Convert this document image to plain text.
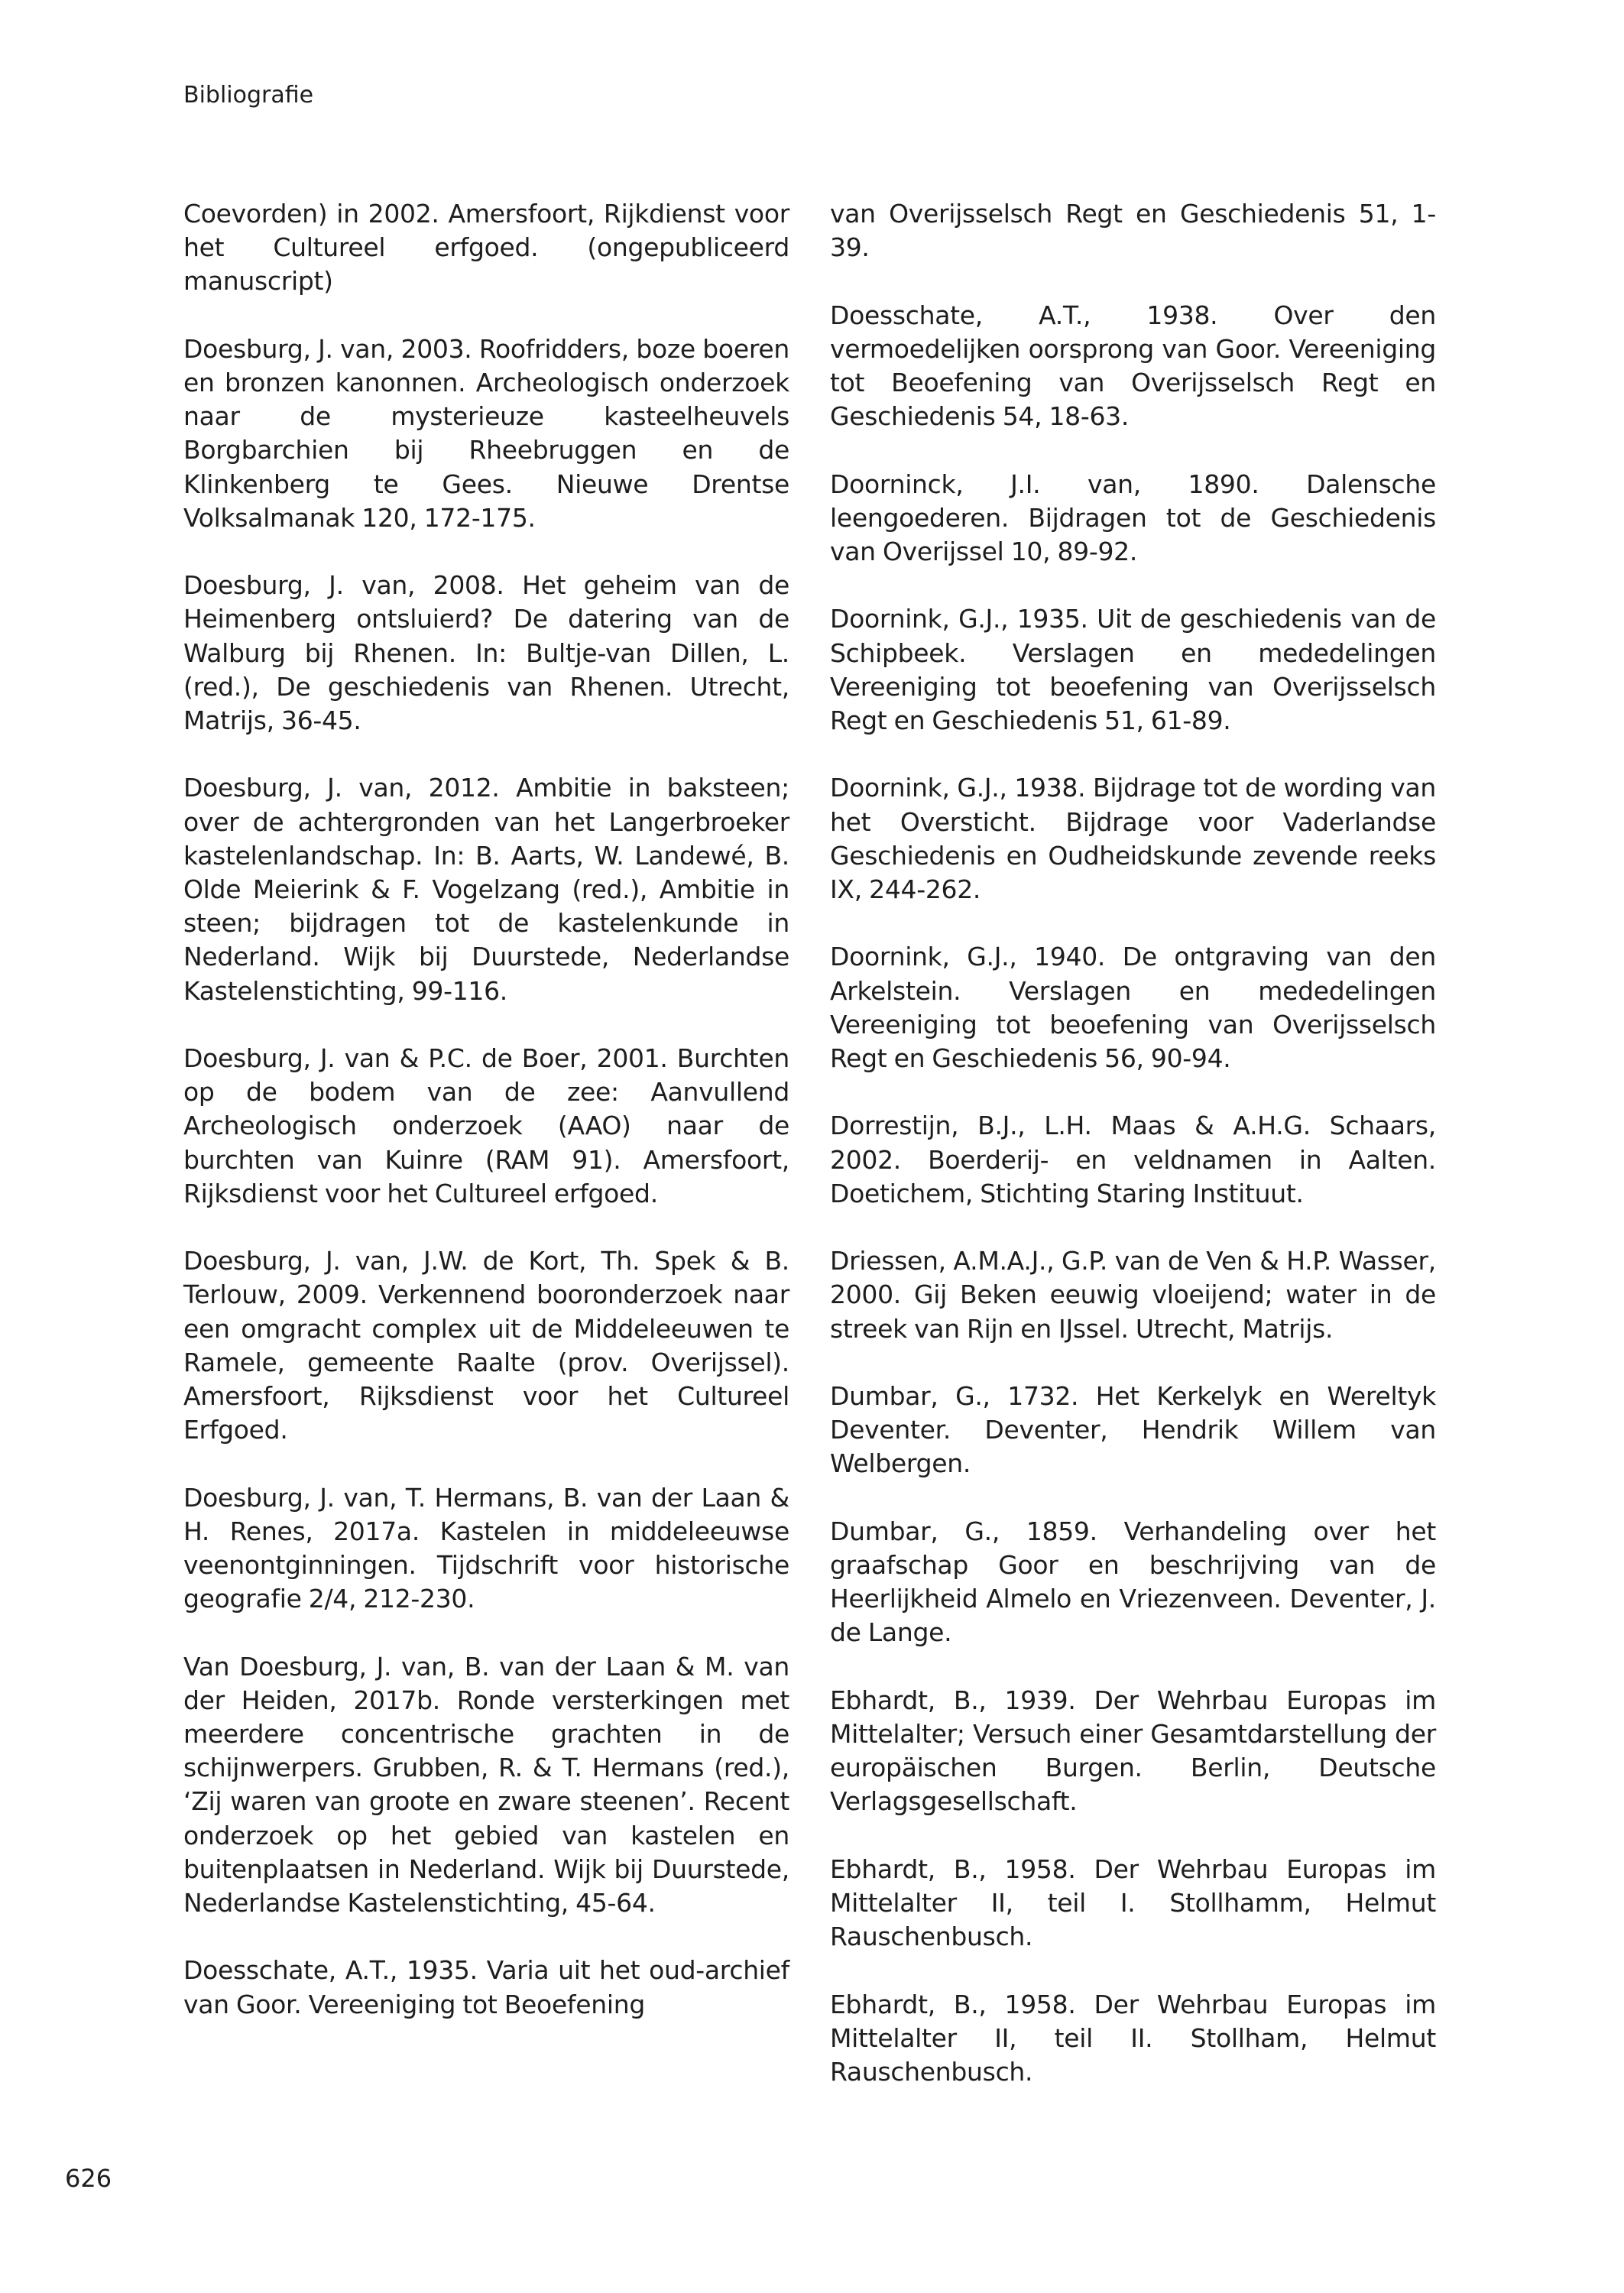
Bibliografie

Coevorden) in 2002. Amersfoort, Rijkdienst voor het Cultureel erfgoed. (ongepubliceerd manuscript)

Doesburg, J. van, 2003. Roofridders, boze boeren en bronzen kanonnen. Archeologisch onderzoek naar de mysterieuze kasteelheuvels Borgbarchien bij Rheebruggen en de Klinkenberg te Gees. Nieuwe Drentse Volksalmanak 120, 172-175.

Doesburg, J. van, 2008. Het geheim van de Heimenberg ontsluierd? De datering van de Walburg bij Rhenen. In: Bultje-van Dillen, L. (red.), De geschiedenis van Rhenen. Utrecht, Matrijs, 36-45.

Doesburg, J. van, 2012. Ambitie in baksteen; over de achtergronden van het Langerbroeker kastelenlandschap. In: B. Aarts, W. Landewé, B. Olde Meierink & F. Vogelzang (red.), Ambitie in steen; bijdragen tot de kastelenkunde in Nederland. Wijk bij Duurstede, Nederlandse Kastelenstichting, 99-116.

Doesburg, J. van & P.C. de Boer, 2001. Burchten op de bodem van de zee: Aanvullend Archeologisch onderzoek (AAO) naar de burchten van Kuinre (RAM 91). Amersfoort, Rijksdienst voor het Cultureel erfgoed.

Doesburg, J. van, J.W. de Kort, Th. Spek & B. Terlouw, 2009. Verkennend booronderzoek naar een omgracht complex uit de Middeleeuwen te Ramele, gemeente Raalte (prov. Overijssel). Amersfoort, Rijksdienst voor het Cultureel Erfgoed.

Doesburg, J. van, T. Hermans, B. van der Laan & H. Renes, 2017a. Kastelen in middeleeuwse veenontginningen. Tijdschrift voor historische geografie 2/4, 212-230.

Van Doesburg, J. van, B. van der Laan & M. van der Heiden, 2017b. Ronde versterkingen met meerdere concentrische grachten in de schijnwerpers. Grubben, R. & T. Hermans (red.), ‘Zij waren van groote en zware steenen’. Recent onderzoek op het gebied van kastelen en buitenplaatsen in Nederland. Wijk bij Duurstede, Nederlandse Kastelenstichting, 45-64.

Doesschate, A.T., 1935. Varia uit het oud-archief van Goor. Vereeniging tot Beoefening

van Overijsselsch Regt en Geschiedenis 51, 1-39.

Doesschate, A.T., 1938. Over den vermoedelijken oorsprong van Goor. Vereeniging tot Beoefening van Overijsselsch Regt en Geschiedenis 54, 18-63.

Doorninck, J.I. van, 1890. Dalensche leengoederen. Bijdragen tot de Geschiedenis van Overijssel 10, 89-92.

Doornink, G.J., 1935. Uit de geschiedenis van de Schipbeek. Verslagen en mededelingen Vereeniging tot beoefening van Overijsselsch Regt en Geschiedenis 51, 61-89.

Doornink, G.J., 1938. Bijdrage tot de wording van het Oversticht. Bijdrage voor Vaderlandse Geschiedenis en Oudheidskunde zevende reeks IX, 244-262.

Doornink, G.J., 1940. De ontgraving van den Arkelstein. Verslagen en mededelingen Vereeniging tot beoefening van Overijsselsch Regt en Geschiedenis 56, 90-94.

Dorrestijn, B.J., L.H. Maas & A.H.G. Schaars, 2002. Boerderij- en veldnamen in Aalten. Doetichem, Stichting Staring Instituut.

Driessen, A.M.A.J., G.P. van de Ven & H.P. Wasser, 2000. Gij Beken eeuwig vloeijend; water in de streek van Rijn en IJssel. Utrecht, Matrijs.

Dumbar, G., 1732. Het Kerkelyk en Wereltyk Deventer. Deventer, Hendrik Willem van Welbergen.

Dumbar, G., 1859. Verhandeling over het graafschap Goor en beschrijving van de Heerlijkheid Almelo en Vriezenveen. Deventer, J. de Lange.

Ebhardt, B., 1939. Der Wehrbau Europas im Mittelalter; Versuch einer Gesamtdarstellung der europäischen Burgen. Berlin, Deutsche Verlagsgesellschaft.

Ebhardt, B., 1958. Der Wehrbau Europas im Mittelalter II, teil I. Stollhamm, Helmut Rauschenbusch.

Ebhardt, B., 1958. Der Wehrbau Europas im Mittelalter II, teil II. Stollham, Helmut Rauschenbusch.

626
